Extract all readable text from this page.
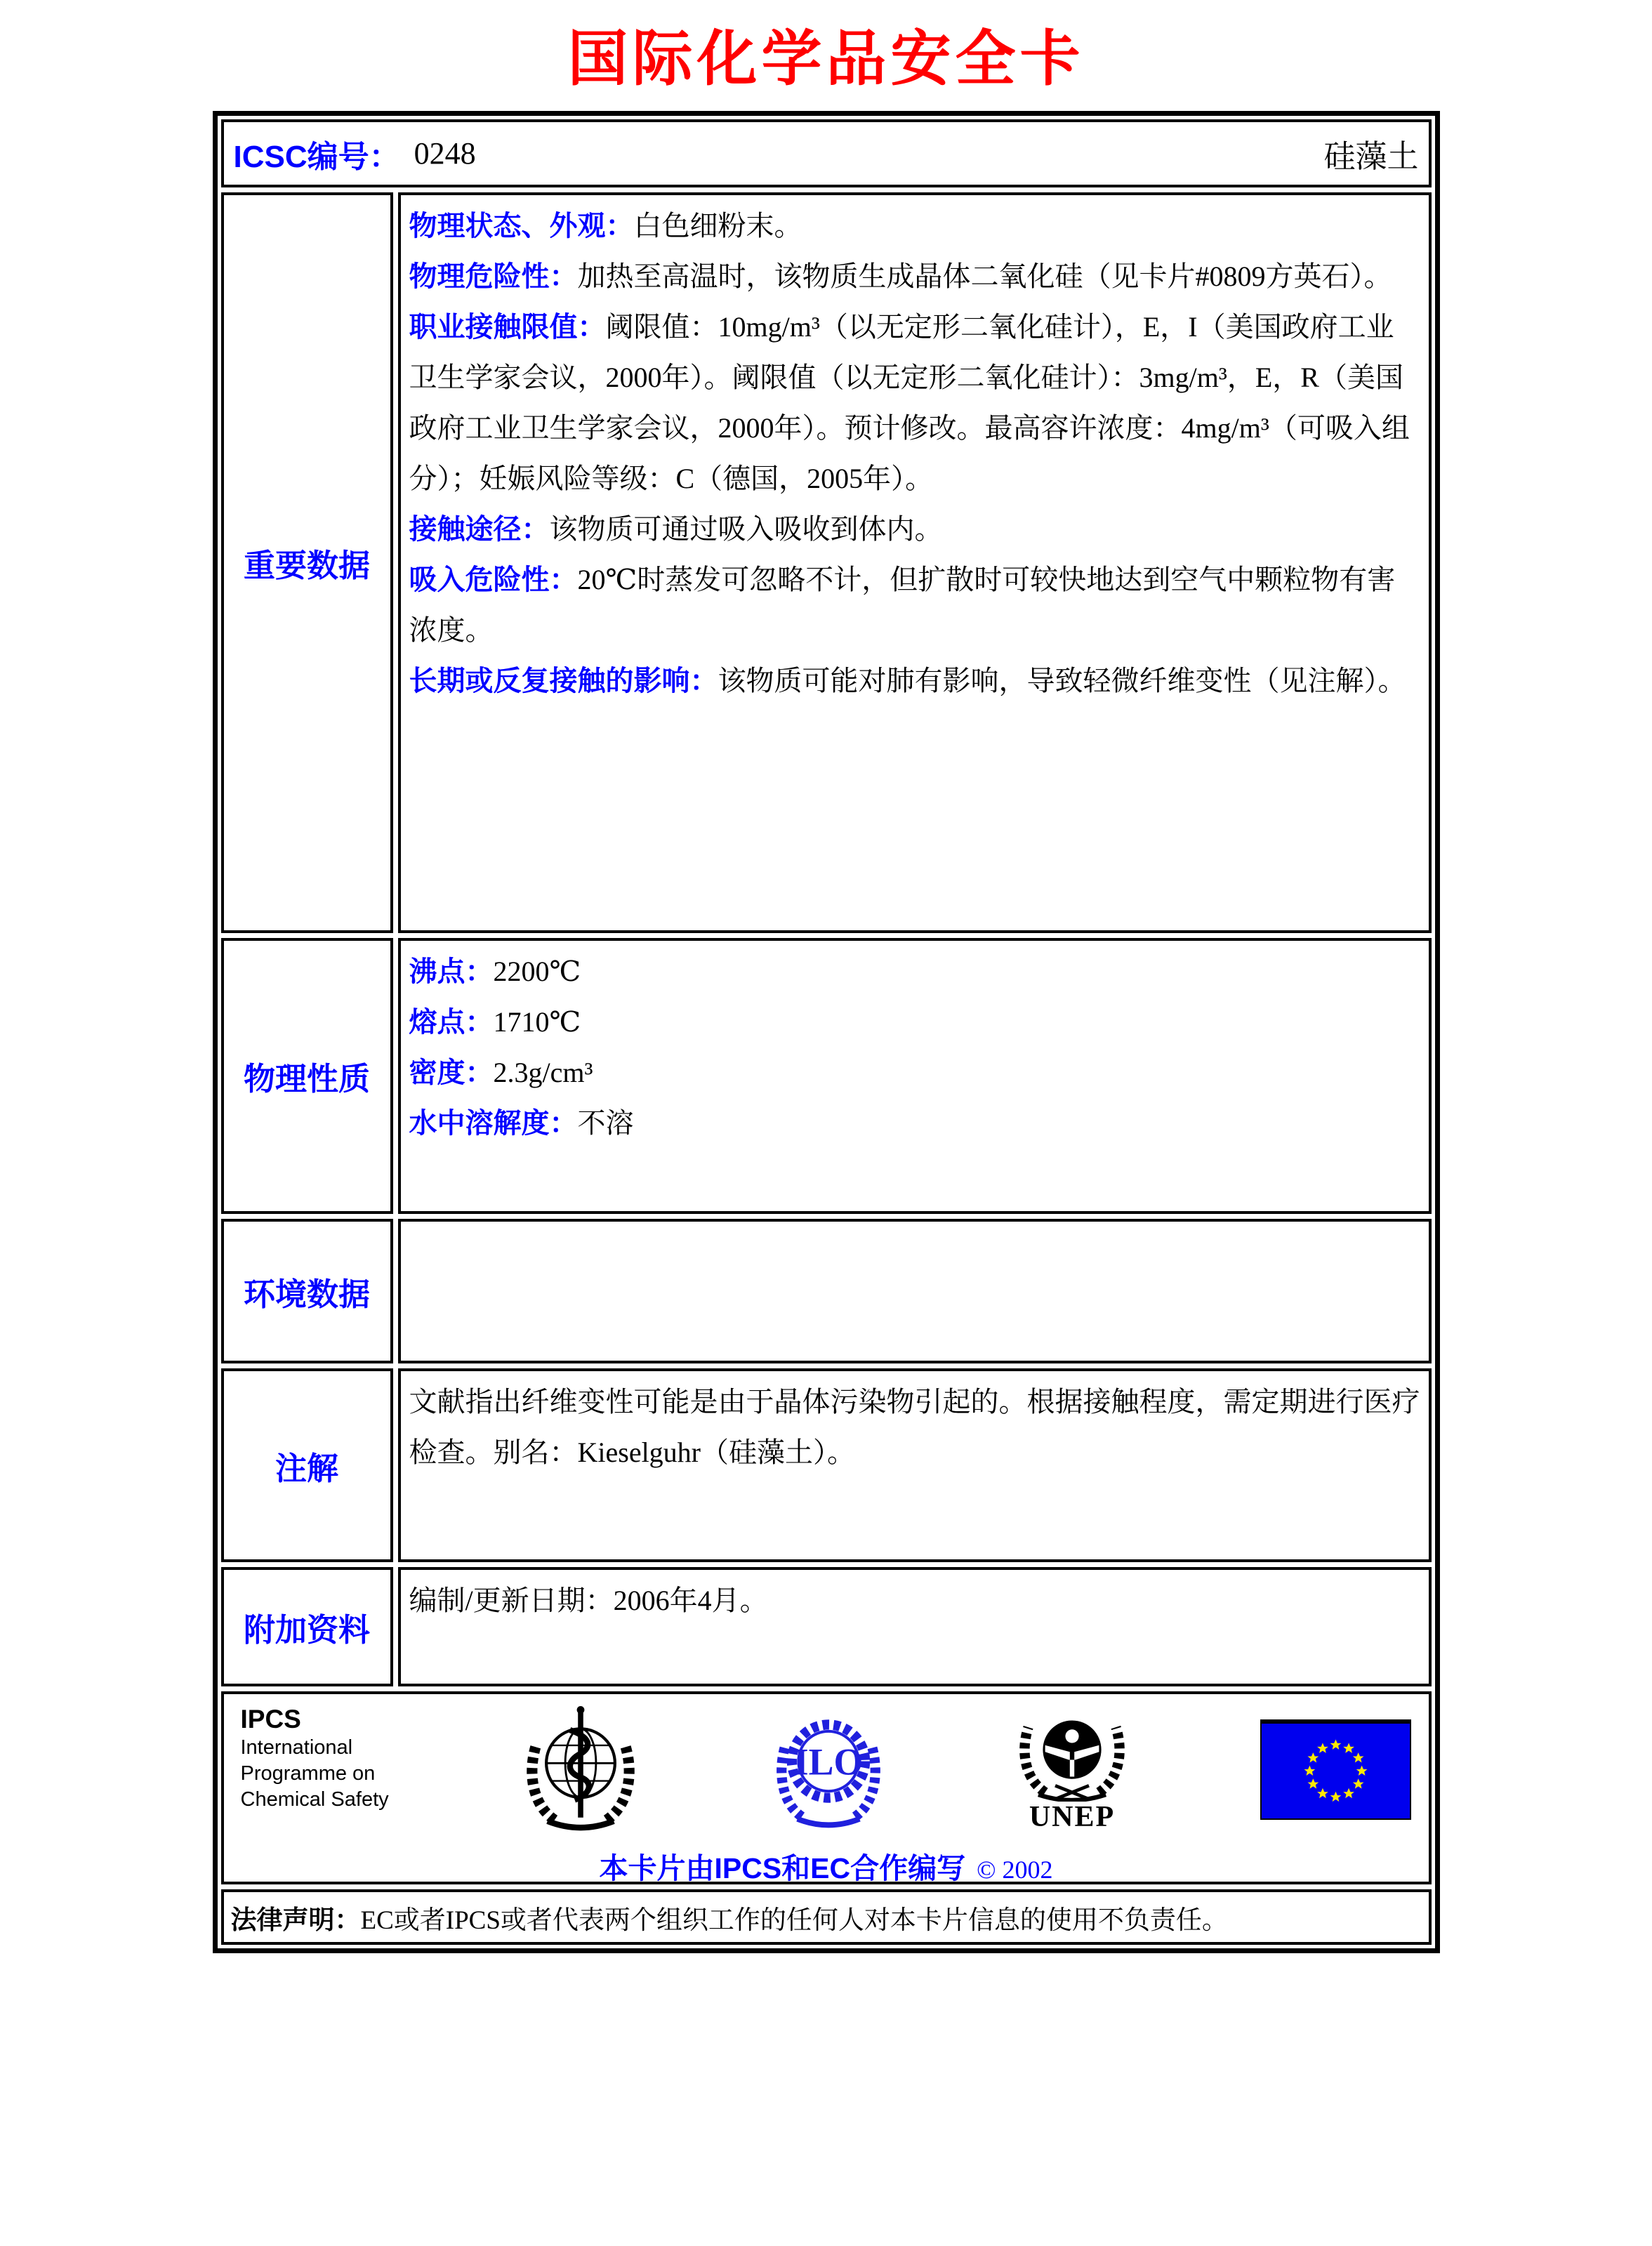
国际化学品安全卡
ICSC编号： 0248	硅藻土
重要数据

物理状态、外观：白色细粉末。

物理危险性：加热至高温时，该物质生成晶体二氧化硅（见卡片#0809方英石）。

职业接触限值：阈限值：10mg/m³（以无定形二氧化硅计），E，I（美国政府工业卫生学家会议，2000年）。阈限值（以无定形二氧化硅计）：3mg/m³，E，R（美国政府工业卫生学家会议，2000年）。预计修改。最高容许浓度：4mg/m³（可吸入组分）；妊娠风险等级：C（德国，2005年）。

接触途径：该物质可通过吸入吸收到体内。

吸入危险性：20℃时蒸发可忽略不计，但扩散时可较快地达到空气中颗粒物有害浓度。

长期或反复接触的影响：该物质可能对肺有影响，导致轻微纤维变性（见注解）。

物理性质

沸点：2200℃

熔点：1710℃

密度：2.3g/cm³

水中溶解度：不溶

环境数据

注解

文献指出纤维变性可能是由于晶体污染物引起的。根据接触程度，需定期进行医疗检查。别名：Kieselguhr（硅藻土）。

附加资料

编制/更新日期：2006年4月。

IPCS
International
Programme on
Chemical Safety
ILO
UNEP
本卡片由IPCS和EC合作编写 © 2002
法律声明： EC或者IPCS或者代表两个组织工作的任何人对本卡片信息的使用不负责任。
